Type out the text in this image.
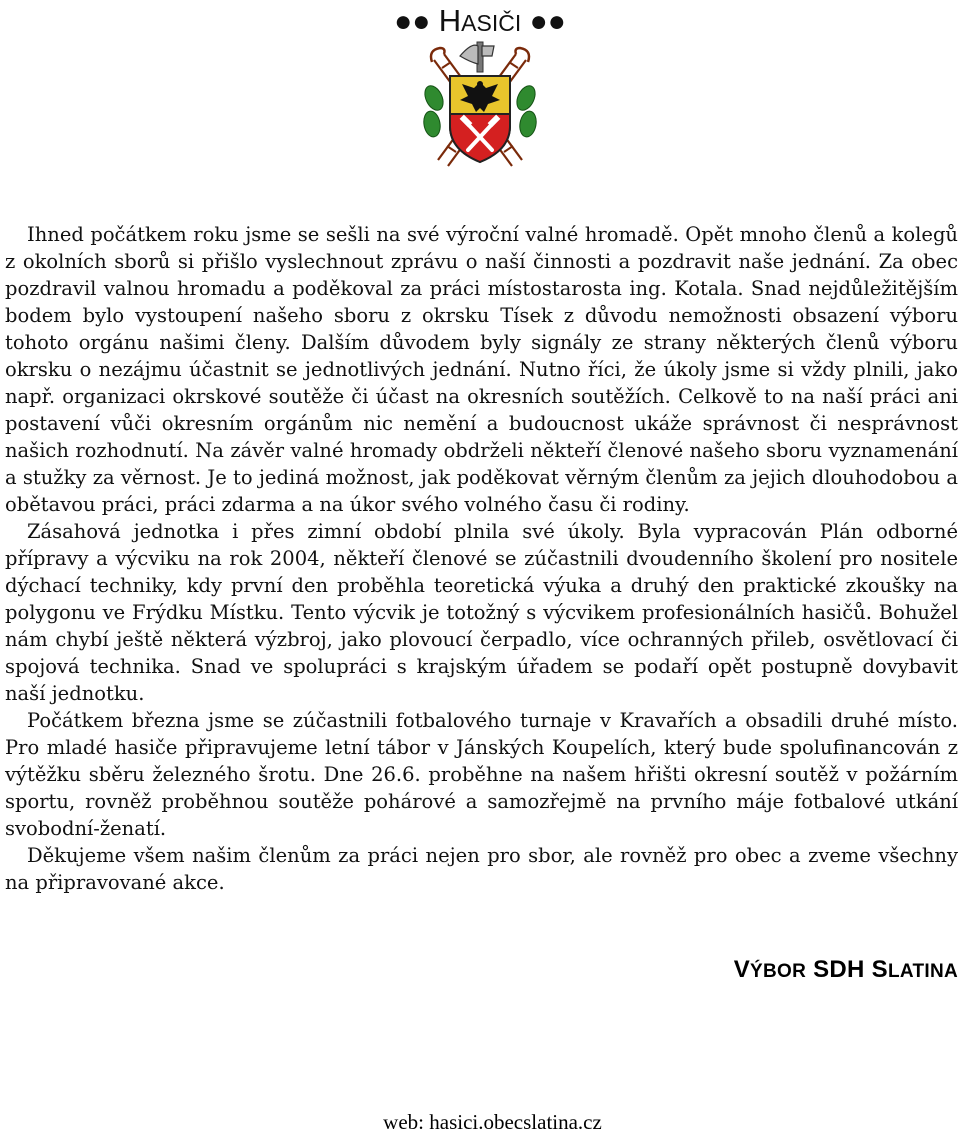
●● HASIČI ●●

Ihned počátkem roku jsme se sešli na své výroční valné hromadě. Opět mnoho členů a kolegů z okolních sborů si přišlo vyslechnout zprávu o naší činnosti a pozdravit naše jednání. Za obec pozdravil valnou hromadu a poděkoval za práci místostarosta ing. Kotala. Snad nejdůležitějším bodem bylo vystoupení našeho sboru z okrsku Tísek z důvodu nemožnosti obsazení výboru tohoto orgánu našimi členy. Dalším důvodem byly signály ze strany některých členů výboru okrsku o nezájmu účastnit se jednotlivých jednání. Nutno říci, že úkoly jsme si vždy plnili, jako např. organizaci okrskové soutěže či účast na okresních soutěžích. Celkově to na naší práci ani postavení vůči okresním orgánům nic nemění a budoucnost ukáže správnost či nesprávnost našich rozhodnutí. Na závěr valné hromady obdrželi někteří členové našeho sboru vyznamenání a stužky za věrnost. Je to jediná možnost, jak poděkovat věrným členům za jejich dlouhodobou a obětavou práci, práci zdarma a na úkor svého volného času či rodiny.

Zásahová jednotka i přes zimní období plnila své úkoly. Byla vypracován Plán odborné přípravy a výcviku na rok 2004, někteří členové se zúčastnili dvoudenního školení pro nositele dýchací techniky, kdy první den proběhla teoretická výuka a druhý den praktické zkoušky na polygonu ve Frýdku Místku. Tento výcvik je totožný s výcvikem profesionálních hasičů. Bohužel nám chybí ještě některá výzbroj, jako plovoucí čerpadlo, více ochranných přileb, osvětlovací či spojová technika. Snad ve spolupráci s krajským úřadem se podaří opět postupně dovybavit naší jednotku.

Počátkem března jsme se zúčastnili fotbalového turnaje v Kravařích a obsadili druhé místo. Pro mladé hasiče připravujeme letní tábor v Jánských Koupelích, který bude spolufinancován z výtěžku sběru železného šrotu. Dne 26.6. proběhne na našem hřišti okresní soutěž v požárním sportu, rovněž proběhnou soutěže pohárové a samozřejmě na prvního máje fotbalové utkání svobodní-ženatí.

Děkujeme všem našim členům za práci nejen pro sbor, ale rovněž pro obec a zveme všechny na připravované akce.

VÝBOR SDH SLATINA
web: hasici.obecslatina.cz
